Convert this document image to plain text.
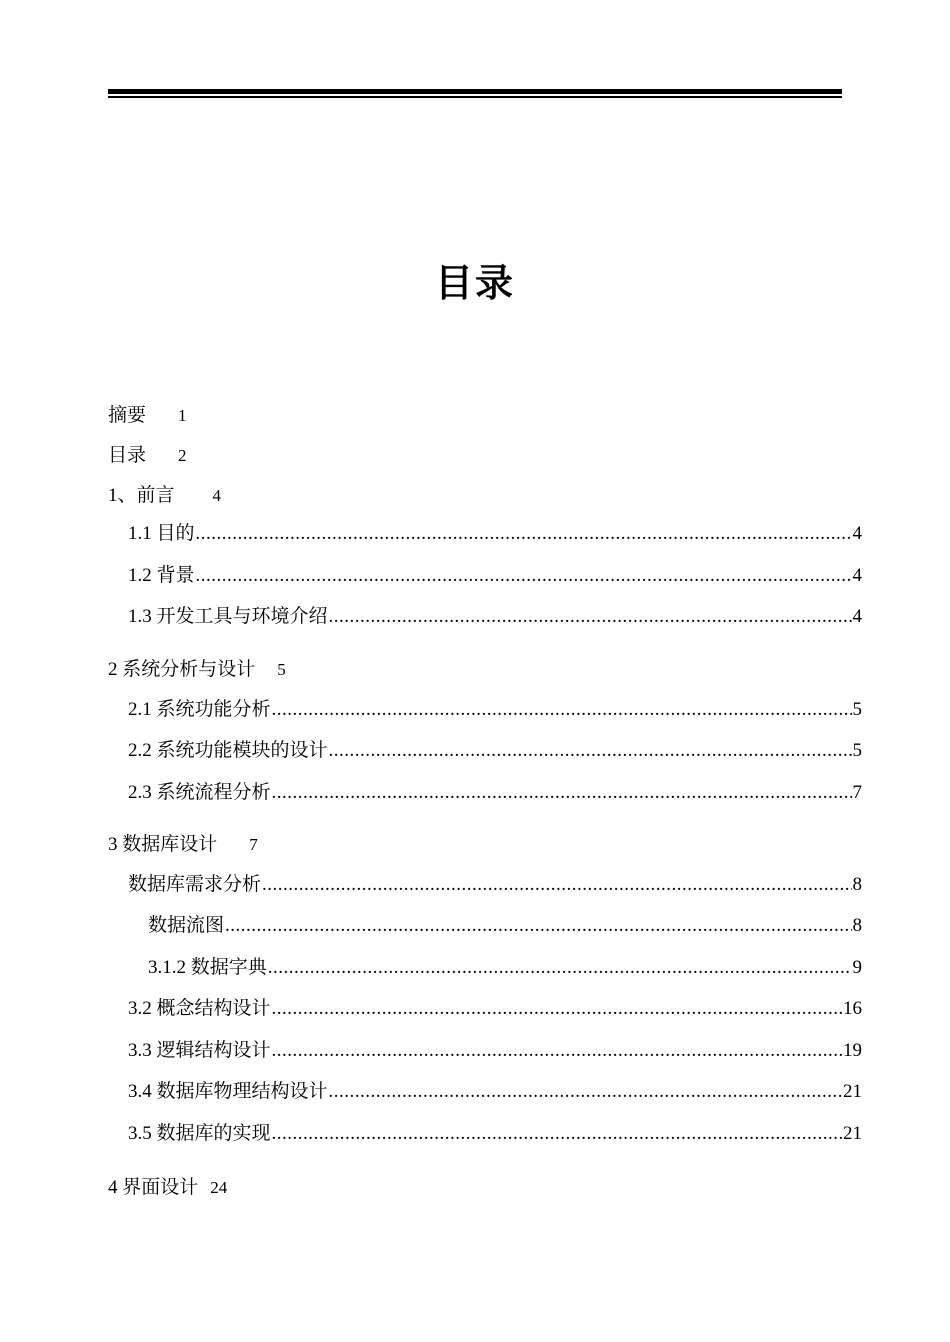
目录
摘要 1
目录 2
1、前言 4
1.1 目的 .....	4
1.2 背景 .....	4
1.3 开发工具与环境介绍 .....	4
2 系统分析与设计 5
2.1 系统功能分析 .....	5
2.2 系统功能模块的设计 .....	5
2.3 系统流程分析 .....	7
3 数据库设计 7
数据库需求分析 .....	8
数据流图 .....	8
3.1.2 数据字典 .....	9
3.2 概念结构设计 .....	16
3.3 逻辑结构设计 .....	19
3.4 数据库物理结构设计 .....	21
3.5 数据库的实现 .....	21
4 界面设计 24
